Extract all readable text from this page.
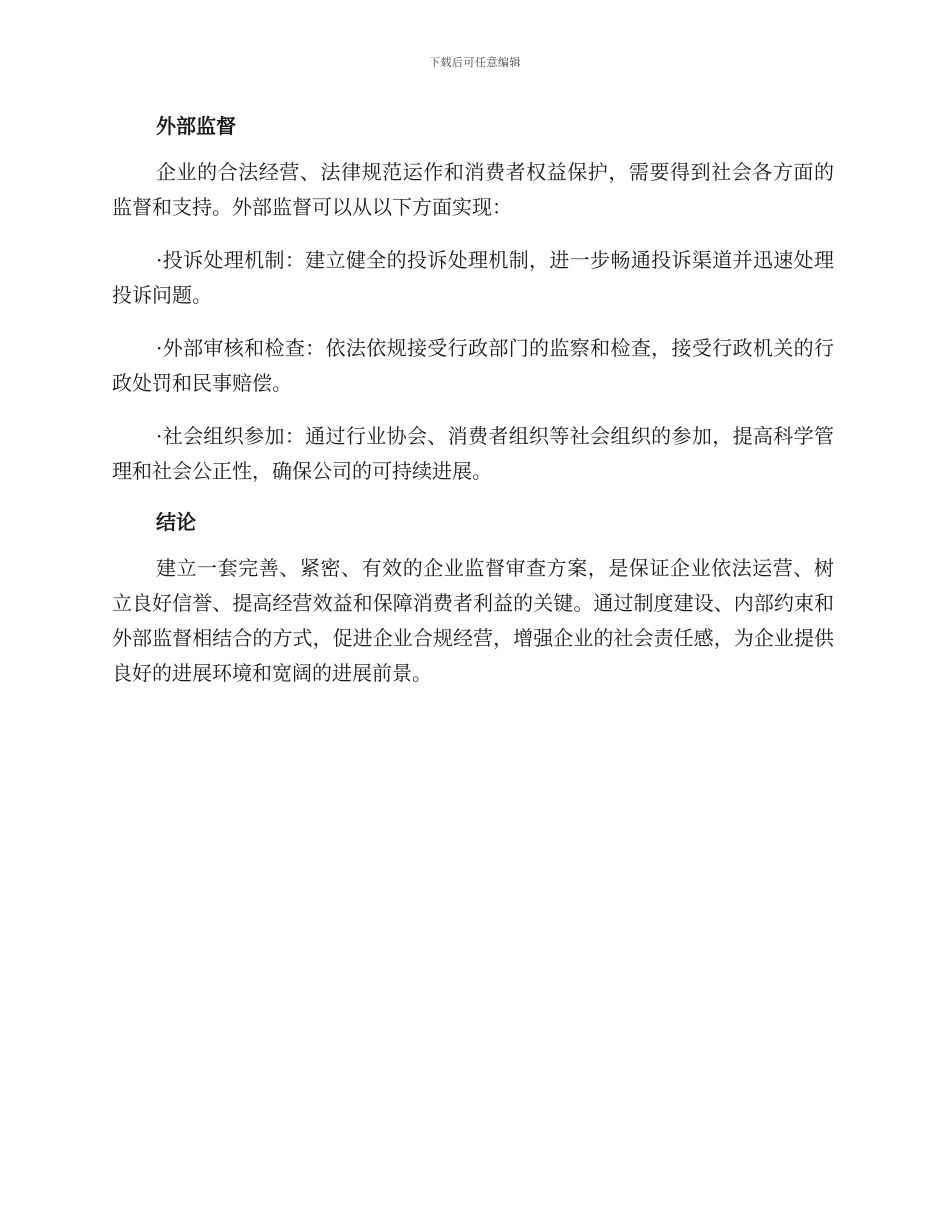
下载后可任意编辑
外部监督

企业的合法经营、法律规范运作和消费者权益保护，需要得到社会各方面的监督和支持。外部监督可以从以下方面实现：

·投诉处理机制：建立健全的投诉处理机制，进一步畅通投诉渠道并迅速处理投诉问题。

·外部审核和检查：依法依规接受行政部门的监察和检查，接受行政机关的行政处罚和民事赔偿。

·社会组织参加：通过行业协会、消费者组织等社会组织的参加，提高科学管理和社会公正性，确保公司的可持续进展。

结论

建立一套完善、紧密、有效的企业监督审查方案，是保证企业依法运营、树立良好信誉、提高经营效益和保障消费者利益的关键。通过制度建设、内部约束和外部监督相结合的方式，促进企业合规经营，增强企业的社会责任感，为企业提供良好的进展环境和宽阔的进展前景。
